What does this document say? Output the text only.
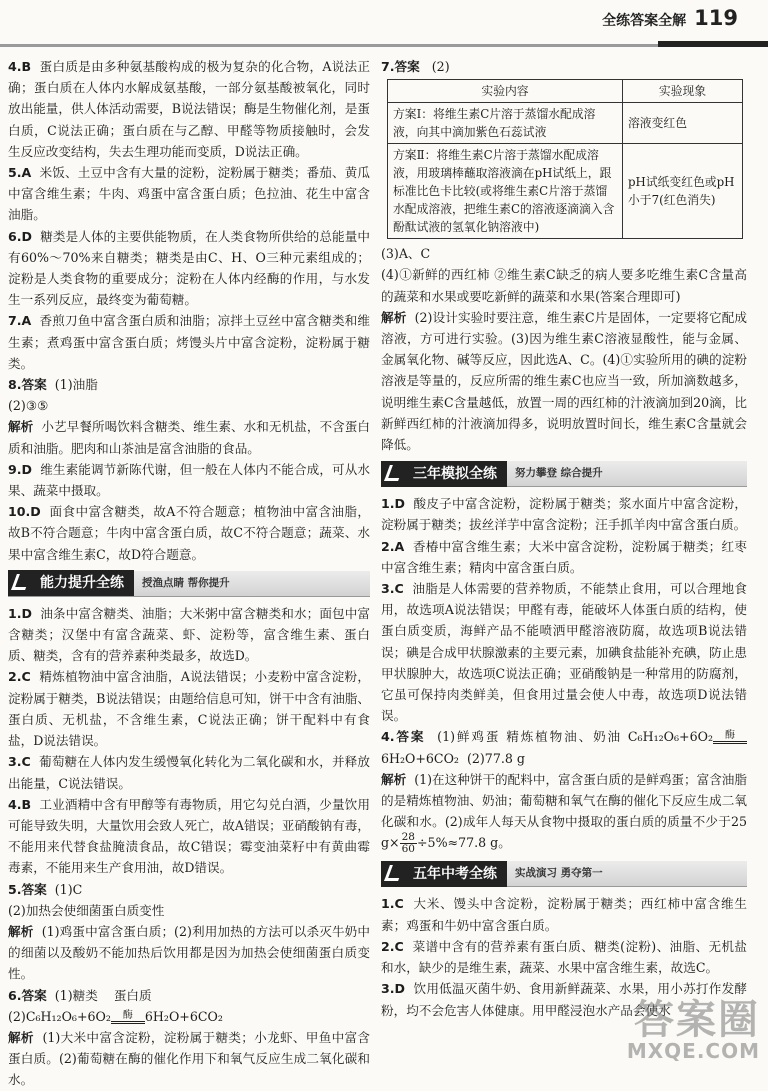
全练答案全解 119
4.B 蛋白质是由多种氨基酸构成的极为复杂的化合物，A说法正确；蛋白质在人体内水解成氨基酸，一部分氨基酸被氧化，同时放出能量，供人体活动需要，B说法错误；酶是生物催化剂，是蛋白质，C说法正确；蛋白质在与乙醇、甲醛等物质接触时，会发生反应改变结构，失去生理功能而变质，D说法正确。
5.A 米饭、土豆中含有大量的淀粉，淀粉属于糖类；番茄、黄瓜中富含维生素；牛肉、鸡蛋中富含蛋白质；色拉油、花生中富含油脂。
6.D 糖类是人体的主要供能物质，在人类食物所供给的总能量中有60%～70%来自糖类；糖类是由C、H、O三种元素组成的；淀粉是人类食物的重要成分；淀粉在人体内经酶的作用，与水发生一系列反应，最终变为葡萄糖。
7.A 香煎刀鱼中富含蛋白质和油脂；凉拌土豆丝中富含糖类和维生素；煮鸡蛋中富含蛋白质；烤馒头片中富含淀粉，淀粉属于糖类。
8.答案 (1)油脂
(2)③⑤
解析 小艺早餐所喝饮料含糖类、维生素、水和无机盐，不含蛋白质和油脂。肥肉和山茶油是富含油脂的食品。
9.D 维生素能调节新陈代谢，但一般在人体内不能合成，可从水果、蔬菜中摄取。
10.D 面食中富含糖类，故A不符合题意；植物油中富含油脂，故B不符合题意；牛肉中富含蛋白质，故C不符合题意；蔬菜、水果中富含维生素C，故D符合题意。
能力提升全练	授渔点睛 帮你提升
1.D 油条中富含糖类、油脂；大米粥中富含糖类和水；面包中富含糖类；汉堡中有富含蔬菜、虾、淀粉等，富含维生素、蛋白质、糖类，含有的营养素种类最多，故选D。
2.C 精炼植物油中富含油脂，A说法错误；小麦粉中富含淀粉，淀粉属于糖类，B说法错误；由题给信息可知，饼干中含有油脂、蛋白质、无机盐，不含维生素，C说法正确；饼干配料中有食盐，D说法错误。
3.C 葡萄糖在人体内发生缓慢氧化转化为二氧化碳和水，并释放出能量，C说法错误。
4.B 工业酒精中含有甲醇等有毒物质，用它勾兑白酒，少量饮用可能导致失明，大量饮用会致人死亡，故A错误；亚硝酸钠有毒，不能用来代替食盐腌渍食品，故C错误；霉变油菜籽中有黄曲霉毒素，不能用来生产食用油，故D错误。
5.答案 (1)C
(2)加热会使细菌蛋白质变性
解析 (1)鸡蛋中富含蛋白质；(2)利用加热的方法可以杀灭牛奶中的细菌以及酸奶不能加热后饮用都是因为加热会使细菌蛋白质变性。
6.答案 (1)糖类 蛋白质
(2)C₆H₁₂O₆+6O₂	酶 6H₂O+6CO₂
解析 (1)大米中富含淀粉，淀粉属于糖类；小龙虾、甲鱼中富含蛋白质。(2)葡萄糖在酶的催化作用下和氧气反应生成二氧化碳和水。
7.答案 (2)
实验内容	实验现象
方案Ⅰ：将维生素C片溶于蒸馏水配成溶液，向其中滴加紫色石蕊试液	溶液变红色
方案Ⅱ：将维生素C片溶于蒸馏水配成溶液，用玻璃棒蘸取溶液滴在pH试纸上，跟标准比色卡比较(或将维生素C片溶于蒸馏水配成溶液，把维生素C的溶液逐滴滴入含酚酞试液的氢氧化钠溶液中)	pH试纸变红色或pH小于7(红色消失)
(3)A、C
(4)①新鲜的西红柿 ②维生素C缺乏的病人要多吃维生素C含量高的蔬菜和水果或要吃新鲜的蔬菜和水果(答案合理即可)
解析 (2)设计实验时要注意，维生素C片是固体，一定要将它配成溶液，方可进行实验。(3)因为维生素C溶液显酸性，能与金属、金属氧化物、碱等反应，因此选A、C。(4)①实验所用的碘的淀粉溶液是等量的，反应所需的维生素C也应当一致，所加滴数越多，说明维生素C含量越低，放置一周的西红柿的汁液滴加到20滴，比新鲜西红柿的汁液滴加得多，说明放置时间长，维生素C含量就会降低。
三年模拟全练	努力攀登 综合提升
1.D 酸皮子中富含淀粉，淀粉属于糖类；浆水面片中富含淀粉，淀粉属于糖类；拔丝洋芋中富含淀粉；汪手抓羊肉中富含蛋白质。
2.A 香椿中富含维生素；大米中富含淀粉，淀粉属于糖类；红枣中富含维生素；精肉中富含蛋白质。
3.C 油脂是人体需要的营养物质，不能禁止食用，可以合理地食用，故选项A说法错误；甲醛有毒，能破坏人体蛋白质的结构，使蛋白质变质，海鲜产品不能喷洒甲醛溶液防腐，故选项B说法错误；碘是合成甲状腺激素的主要元素，加碘食盐能补充碘，防止患甲状腺肿大，故选项C说法正确；亚硝酸钠是一种常用的防腐剂，它虽可保持肉类鲜美，但食用过量会使人中毒，故选项D说法错误。
4.答案 (1)鲜鸡蛋 精炼植物油、奶油 C₆H₁₂O₆+6O₂	酶
6H₂O+6CO₂ (2)77.8 g
解析 (1)在这种饼干的配料中，富含蛋白质的是鲜鸡蛋；富含油脂的是精炼植物油、奶油；葡萄糖和氧气在酶的催化下反应生成二氧化碳和水。(2)成年人每天从食物中摄取的蛋白质的质量不少于25 $g\times \frac{28}{60} \div 5\%\approx 77.8$ g。
五年中考全练	实战演习 勇夺第一
1.C 大米、馒头中含淀粉，淀粉属于糖类；西红柿中富含维生素；鸡蛋和牛奶中富含蛋白质。
2.C 菜谱中含有的营养素有蛋白质、糖类(淀粉)、油脂、无机盐和水，缺少的是维生素，蔬菜、水果中富含维生素，故选C。
3.D 饮用低温灭菌牛奶、食用新鲜蔬菜、水果，用小苏打作发酵粉，均不会危害人体健康。用甲醛浸泡水产品会使水
答案圈
MXQE.COM
